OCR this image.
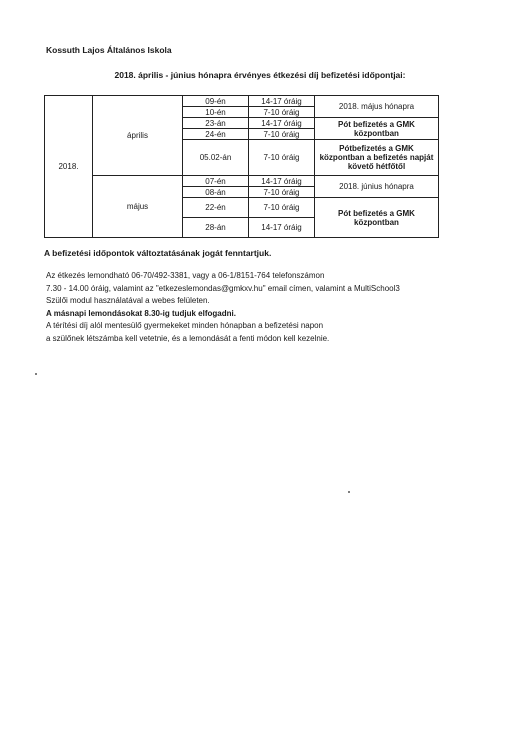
Kossuth Lajos Általános Iskola
2018. április - június hónapra érvényes étkezési díj befizetési időpontjai:
2018.	április	09-én	14-17 óráig	2018. május hónapra
		10-én	7-10 óráig	
		23-án	14-17 óráig	Pót befizetés a GMK központban
		24-én	7-10 óráig	
		05.02-án	7-10 óráig	Pótbefizetés a GMK központban a befizetés napját követő hétfőtől
	május	07-én	14-17 óráig	2018. június hónapra
		08-án	7-10 óráig	
		22-én	7-10 óráig	Pót befizetés a GMK központban
		28-án	14-17 óráig	
A befizetési időpontok változtatásának jogát fenntartjuk.

Az étkezés lemondható 06-70/492-3381, vagy a 06-1/8151-764 telefonszámon

7.30 - 14.00 óráig, valamint az "etkezeslemondas@gmkxv.hu" email címen, valamint a MultiSchool3

Szülői modul használatával a webes felületen.

A másnapi lemondásokat 8.30-ig tudjuk elfogadni.

A térítési díj alól mentesülő gyermekeket minden hónapban a befizetési napon

a szülőnek létszámba kell vetetnie, és a lemondását a fenti módon kell kezelnie.
